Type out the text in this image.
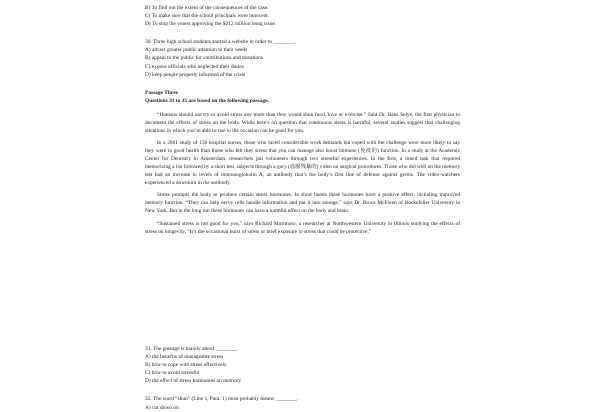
B) To find out the extent of the consequences of the case.
C) To make sure that the school principals were innocent.
D) To stop the voters approving the $212 million bong issue.
30. Three high school students started a website in order to ________.
A) attract greater public attention to their needs
B) appeal to the public for contributions and donations
C) expose officials who neglected their duties
D) keep people properly informed of the crisis
Passage Three
Questions 31 to 35 are based on the following passage.

“Humans should not try to avoid stress any more than they would shun food, love or exercise.” Said Dr. Hans Selye, the first physician to document the effects of stress on the body. While here’s on question that continuous stress is harmful, several studies suggest that challenging situations in which you’re able to rise to the occasion can be good for you.

In a 2001 study of 158 hospital nurses, those who faced considerable work demands but coped with the challenge were more likely to say they were in good health than those who felt they stress that you can manage also boost immune (免疫的) function. In a study at the Academic Center for Dentistry in Amsterdam, researchers put volunteers through two stressful experiences. In the first, a timed task that required memorizing a list followed by a short test, subjects through a gory (血腥残暴的) video on surgical procedures. Those who did well on the memory test had an increase in levels of immunoglobulin A, an antibody that’s the body’s first line of defense against germs. The video-watchers experienced a downturn in the antibody.

Stress prompts the body to produce certain stress hormones. In short bursts these hormones have a positive effect, including improved memory function. “They can help nerve cells handle information and put it into storage,” says Dr. Bruce McEwen of Rockefeller University in New York. But in the long run these hormones can have a harmful effect on the body and brain.

“Sustained stress is not good for you,” says Richard Morimoto, a researcher at Northwestern University in Illinois studying the effects of stress on longevity, “It’s the occasional burst of stress or brief exposure to stress that could be protective.”

31. The passage is mainly about ________.
A) the benefits of manageable stress
B) how to cope with stress effectively
C) how to avoid stressful
D) the effect of stress harmonies on memory
32. The word “shun” (Line 1, Para. 1) most probably means ________.
A) cut down on
